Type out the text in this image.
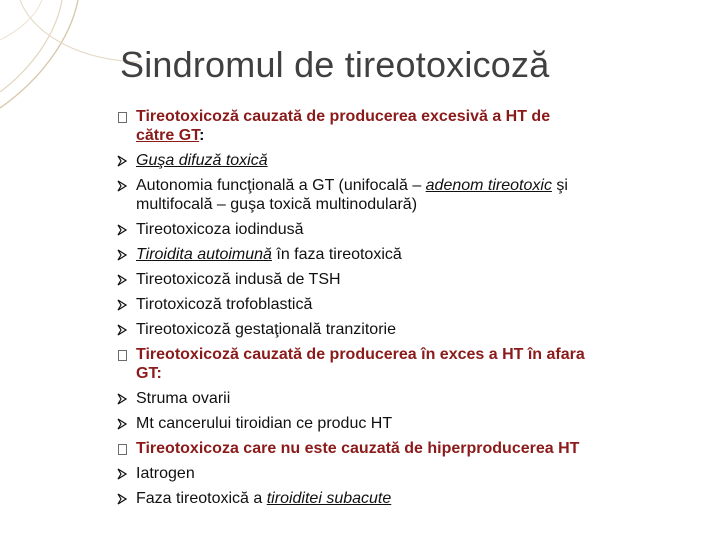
Sindromul de tireotoxicoză
Tireotoxicoză cauzată de producerea excesivă a HT de
către GT:
Guşa difuză toxică
Autonomia funcţională a GT (unifocală – adenom tireotoxic şi
multifocală – guşa toxică multinodulară)
Tireotoxicoza iodindusă
Tiroidita autoimună în faza tireotoxică
Tireotoxicoză indusă de TSH
Tirotoxicoză trofoblastică
Tireotoxicoză gestaţională tranzitorie
Tireotoxicoză cauzată de producerea în exces a HT în afara
GT:
Struma ovarii
Mt cancerului tiroidian ce produc HT
Tireotoxicoza care nu este cauzată de hiperproducerea HT
Iatrogen
Faza tireotoxică a tiroiditei subacute
